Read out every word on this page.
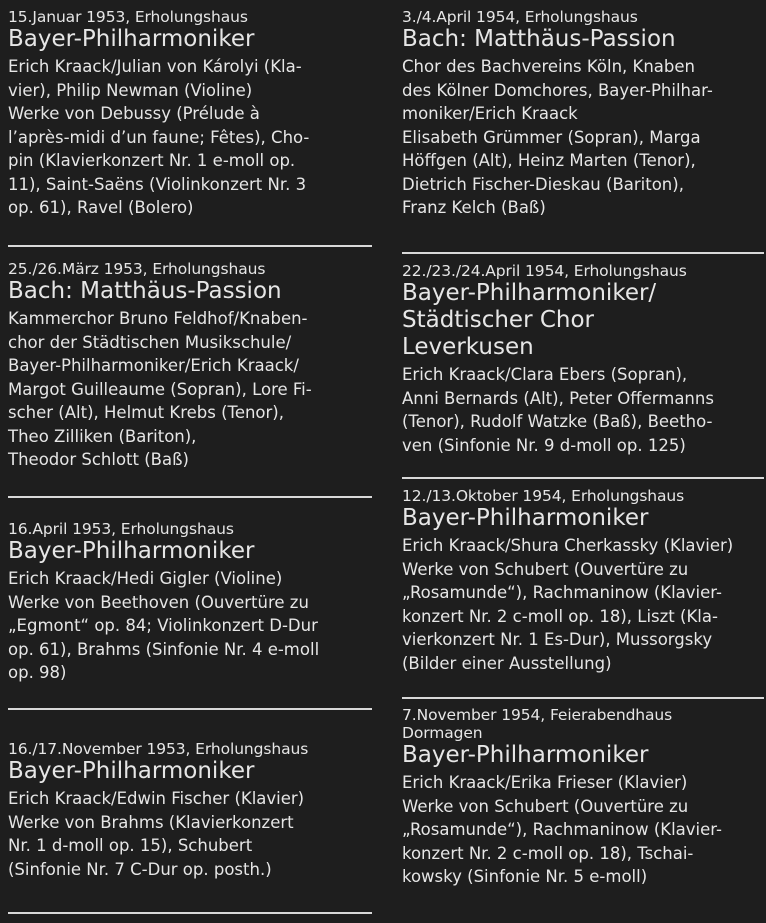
15.Januar 1953, Erholungshaus
Bayer-Philharmoniker
Erich Kraack/Julian von Károlyi (Kla-
vier), Philip Newman (Violine)
Werke von Debussy (Prélude à
l’après-midi d’un faune; Fêtes), Cho-
pin (Klavierkonzert Nr. 1 e-moll op.
11), Saint-Saëns (Violinkonzert Nr. 3
op. 61), Ravel (Bolero)
25./26.März 1953, Erholungshaus
Bach: Matthäus-Passion
Kammerchor Bruno Feldhof/Knaben-
chor der Städtischen Musikschule/
Bayer-Philharmoniker/Erich Kraack/
Margot Guilleaume (Sopran), Lore Fi-
scher (Alt), Helmut Krebs (Tenor),
Theo Zilliken (Bariton),
Theodor Schlott (Baß)
16.April 1953, Erholungshaus
Bayer-Philharmoniker
Erich Kraack/Hedi Gigler (Violine)
Werke von Beethoven (Ouvertüre zu
„Egmont“ op. 84; Violinkonzert D-Dur
op. 61), Brahms (Sinfonie Nr. 4 e-moll
op. 98)
16./17.November 1953, Erholungshaus
Bayer-Philharmoniker
Erich Kraack/Edwin Fischer (Klavier)
Werke von Brahms (Klavierkonzert
Nr. 1 d-moll op. 15), Schubert
(Sinfonie Nr. 7 C-Dur op. posth.)
3./4.April 1954, Erholungshaus
Bach: Matthäus-Passion
Chor des Bachvereins Köln, Knaben
des Kölner Domchores, Bayer-Philhar-
moniker/Erich Kraack
Elisabeth Grümmer (Sopran), Marga
Höffgen (Alt), Heinz Marten (Tenor),
Dietrich Fischer-Dieskau (Bariton),
Franz Kelch (Baß)
22./23./24.April 1954, Erholungshaus
Bayer-Philharmoniker/
Städtischer Chor
Leverkusen
Erich Kraack/Clara Ebers (Sopran),
Anni Bernards (Alt), Peter Offermanns
(Tenor), Rudolf Watzke (Baß), Beetho-
ven (Sinfonie Nr. 9 d-moll op. 125)
12./13.Oktober 1954, Erholungshaus
Bayer-Philharmoniker
Erich Kraack/Shura Cherkassky (Klavier)
Werke von Schubert (Ouvertüre zu
„Rosamunde“), Rachmaninow (Klavier-
konzert Nr. 2 c-moll op. 18), Liszt (Kla-
vierkonzert Nr. 1 Es-Dur), Mussorgsky
(Bilder einer Ausstellung)
7.November 1954, Feierabendhaus
Dormagen
Bayer-Philharmoniker
Erich Kraack/Erika Frieser (Klavier)
Werke von Schubert (Ouvertüre zu
„Rosamunde“), Rachmaninow (Klavier-
konzert Nr. 2 c-moll op. 18), Tschai-
kowsky (Sinfonie Nr. 5 e-moll)
